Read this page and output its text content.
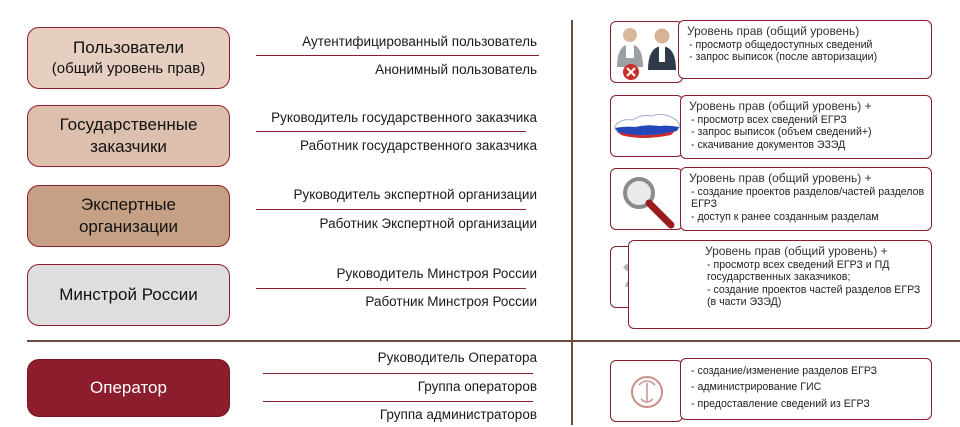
Пользователи
(общий уровень прав)
Аутентифицированный пользователь
Анонимный пользователь
Государственные
заказчики
Руководитель государственного заказчика
Работник государственного заказчика
Экспертные
организации
Руководитель экспертной организации
Работник Экспертной организации
Минстрой России
Руководитель Минстроя России
Работник Минстроя России
Оператор
Руководитель Оператора
Группа операторов
Группа администраторов
Уровень прав (общий уровень)
- просмотр общедоступных сведений
- запрос выписок (после авторизации)
Уровень прав (общий уровень) +
- просмотр всех сведений ЕГРЗ
- запрос выписок (объем сведений+)
- скачивание документов ЭЗЭД
Уровень прав (общий уровень) +
- создание проектов разделов/частей разделов ЕГРЗ
- доступ к ранее созданным разделам
Уровень прав (общий уровень) +
- просмотр всех сведений ЕГРЗ и ПД государственных заказчиков;
- создание проектов частей разделов ЕГРЗ (в части ЭЗЭД)
- создание/изменение разделов ЕГРЗ
- администрирование ГИС
- предоставление сведений из ЕГРЗ
